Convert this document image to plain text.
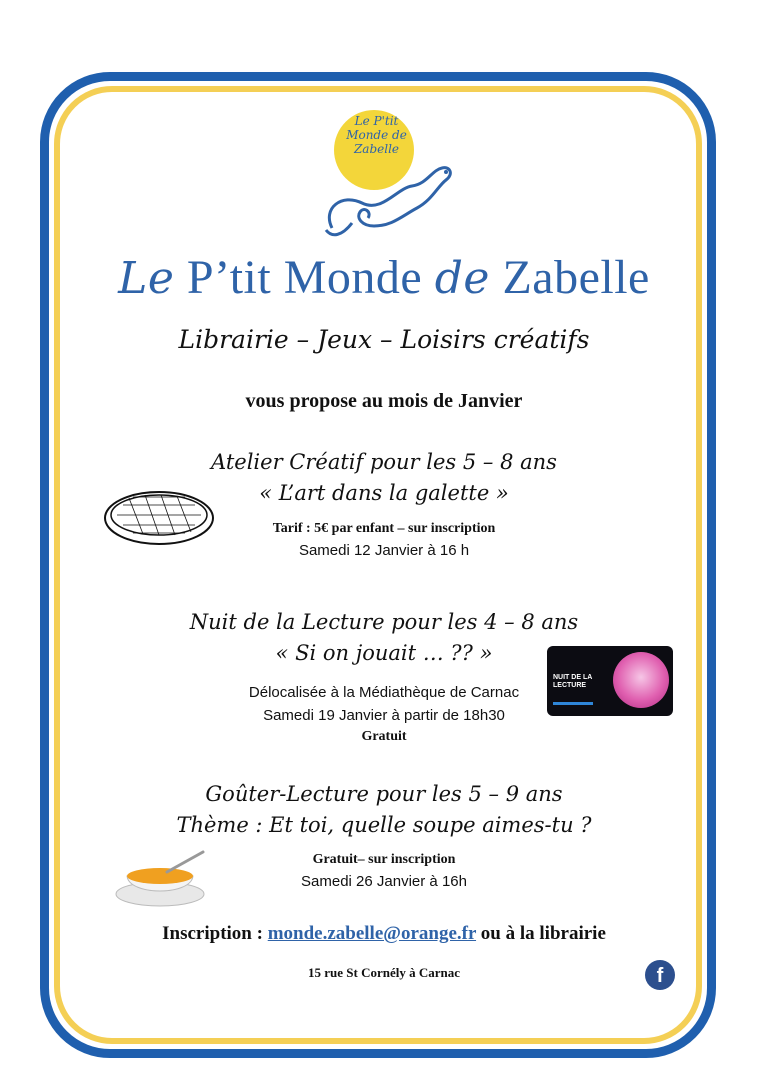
Le P'tit
Monde de
Zabelle
Le P’tit Monde de Zabelle
Librairie – Jeux – Loisirs créatifs
vous propose au mois de Janvier
Atelier Créatif pour les 5 – 8 ans
« L’art dans la galette »
Tarif : 5€ par enfant – sur inscription
Samedi 12 Janvier à 16 h
Nuit de la Lecture pour les 4 – 8 ans
« Si on jouait … ?? »
Délocalisée à la Médiathèque de Carnac
Samedi 19 Janvier à partir de 18h30
Gratuit
NUIT DE LA LECTURE
Goûter-Lecture pour les 5 – 9 ans
Thème : Et toi, quelle soupe aimes-tu ?
Gratuit– sur inscription
Samedi 26 Janvier à 16h
Inscription : monde.zabelle@orange.fr ou à la librairie
15 rue St Cornély à Carnac	f
